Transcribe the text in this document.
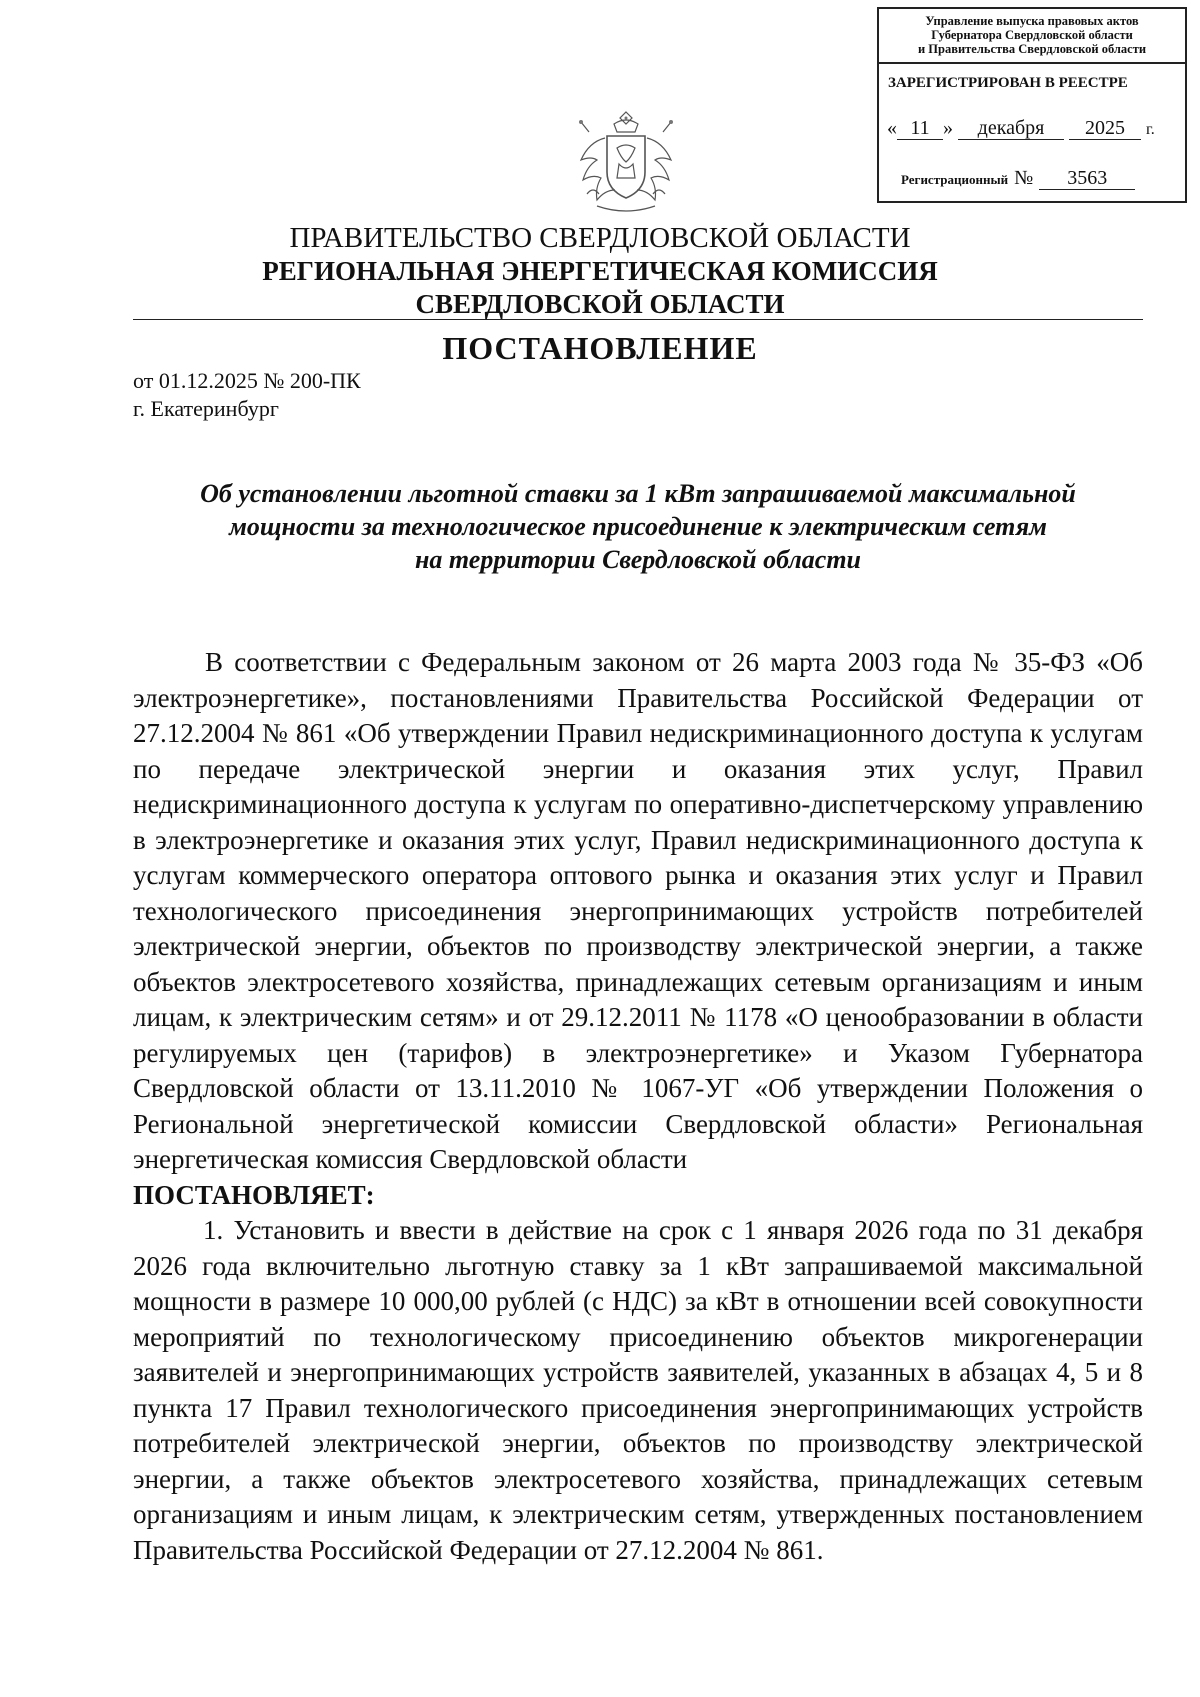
Управление выпуска правовых актов
Губернатора Свердловской области
и Правительства Свердловской области
ЗАРЕГИСТРИРОВАН В РЕЕСТРЕ
« 11 » декабря 2025 г.
Регистрационный № 3563
ПРАВИТЕЛЬСТВО СВЕРДЛОВСКОЙ ОБЛАСТИ
РЕГИОНАЛЬНАЯ ЭНЕРГЕТИЧЕСКАЯ КОМИССИЯ
СВЕРДЛОВСКОЙ ОБЛАСТИ
ПОСТАНОВЛЕНИЕ
от 01.12.2025 № 200-ПК
г. Екатеринбург
Об установлении льготной ставки за 1 кВт запрашиваемой максимальной
мощности за технологическое присоединение к электрическим сетям
на территории Свердловской области

В соответствии с Федеральным законом от 26 марта 2003 года № 35-ФЗ «Об электроэнергетике», постановлениями Правительства Российской Федерации от 27.12.2004 № 861 «Об утверждении Правил недискриминационного доступа к услугам по передаче электрической энергии и оказания этих услуг, Правил недискриминационного доступа к услугам по оперативно-диспетчерскому управлению в электроэнергетике и оказания этих услуг, Правил недискриминационного доступа к услугам коммерческого оператора оптового рынка и оказания этих услуг и Правил технологического присоединения энергопринимающих устройств потребителей электрической энергии, объектов по производству электрической энергии, а также объектов электросетевого хозяйства, принадлежащих сетевым организациям и иным лицам, к электрическим сетям» и от 29.12.2011 № 1178 «О ценообразовании в области регулируемых цен (тарифов) в электроэнергетике» и Указом Губернатора Свердловской области от 13.11.2010 № 1067-УГ «Об утверждении Положения о Региональной энергетической комиссии Свердловской области» Региональная энергетическая комиссия Свердловской области

ПОСТАНОВЛЯЕТ:

1. Установить и ввести в действие на срок с 1 января 2026 года по 31 декабря 2026 года включительно льготную ставку за 1 кВт запрашиваемой максимальной мощности в размере 10 000,00 рублей (с НДС) за кВт в отношении всей совокупности мероприятий по технологическому присоединению объектов микрогенерации заявителей и энергопринимающих устройств заявителей, указанных в абзацах 4, 5 и 8 пункта 17 Правил технологического присоединения энергопринимающих устройств потребителей электрической энергии, объектов по производству электрической энергии, а также объектов электросетевого хозяйства, принадлежащих сетевым организациям и иным лицам, к электрическим сетям, утвержденных постановлением Правительства Российской Федерации от 27.12.2004 № 861.
